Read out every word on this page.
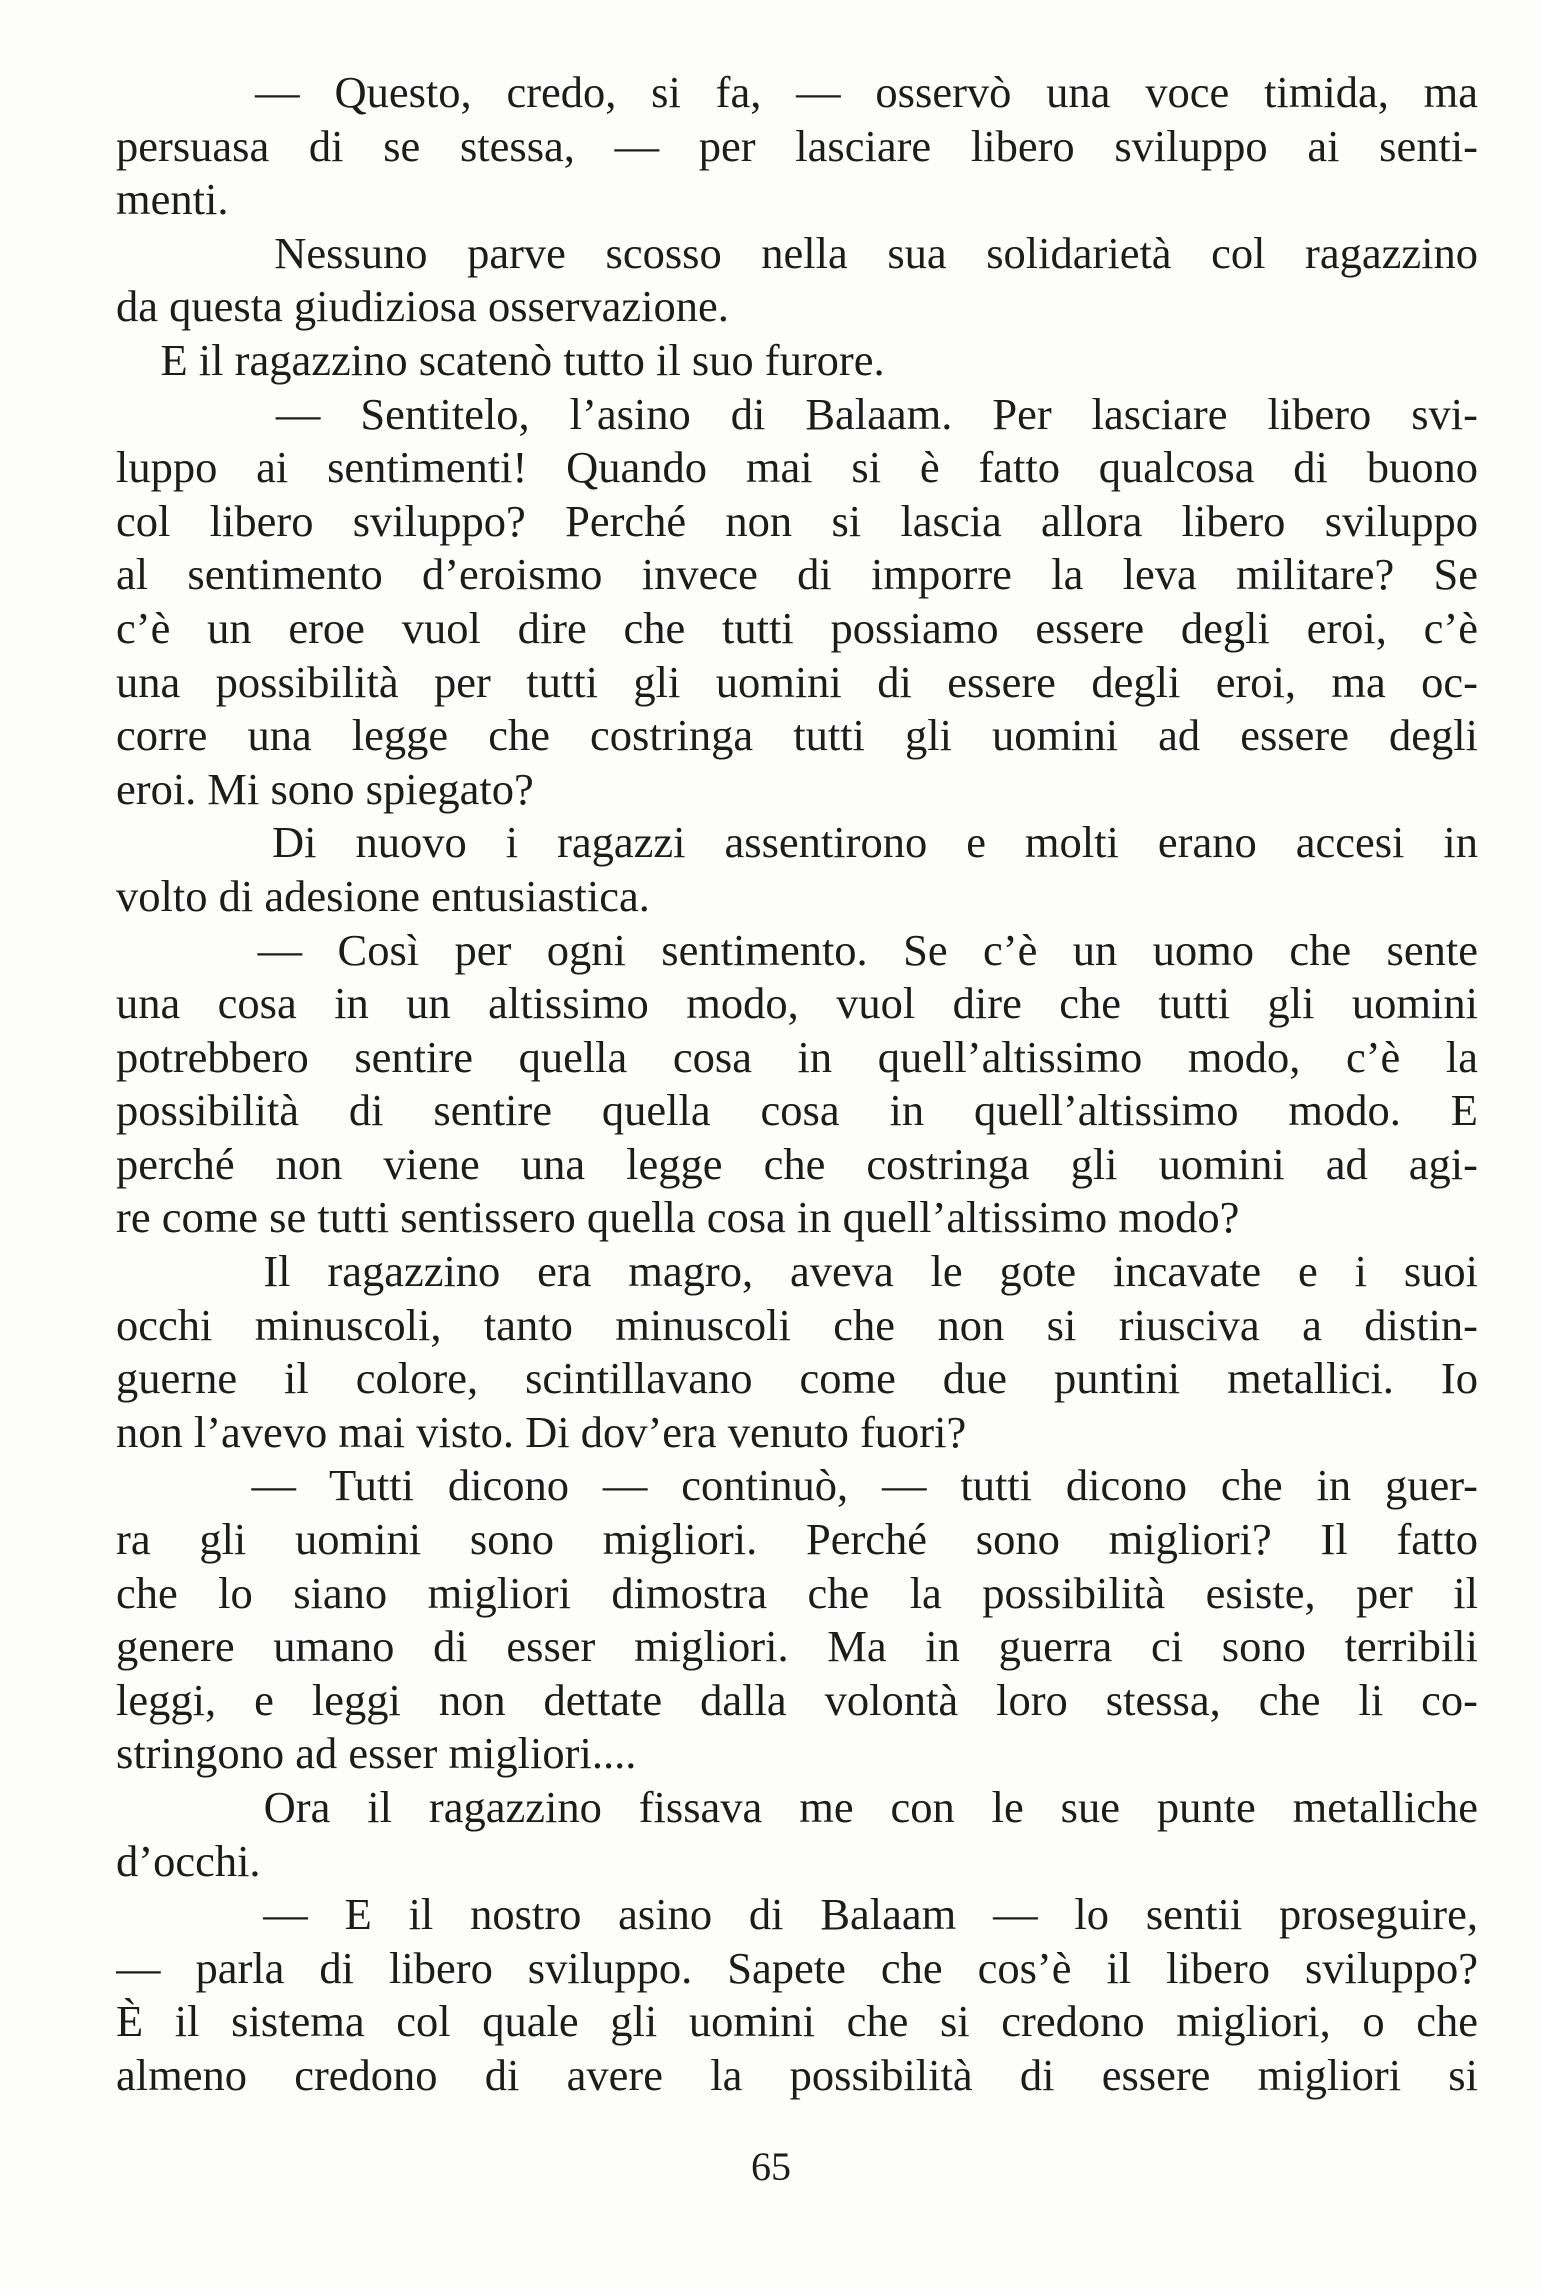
— Questo, credo, si fa, — osservò una voce timida, ma
persuasa di se stessa, — per lasciare libero sviluppo ai senti-
menti.
Nessuno parve scosso nella sua solidarietà col ragazzino
da questa giudiziosa osservazione.
E il ragazzino scatenò tutto il suo furore.
— Sentitelo, l’asino di Balaam. Per lasciare libero svi-
luppo ai sentimenti! Quando mai si è fatto qualcosa di buono
col libero sviluppo? Perché non si lascia allora libero sviluppo
al sentimento d’eroismo invece di imporre la leva militare? Se
c’è un eroe vuol dire che tutti possiamo essere degli eroi, c’è
una possibilità per tutti gli uomini di essere degli eroi, ma oc-
corre una legge che costringa tutti gli uomini ad essere degli
eroi. Mi sono spiegato?
Di nuovo i ragazzi assentirono e molti erano accesi in
volto di adesione entusiastica.
— Così per ogni sentimento. Se c’è un uomo che sente
una cosa in un altissimo modo, vuol dire che tutti gli uomini
potrebbero sentire quella cosa in quell’altissimo modo, c’è la
possibilità di sentire quella cosa in quell’altissimo modo. E
perché non viene una legge che costringa gli uomini ad agi-
re come se tutti sentissero quella cosa in quell’altissimo modo?
Il ragazzino era magro, aveva le gote incavate e i suoi
occhi minuscoli, tanto minuscoli che non si riusciva a distin-
guerne il colore, scintillavano come due puntini metallici. Io
non l’avevo mai visto. Di dov’era venuto fuori?
— Tutti dicono — continuò, — tutti dicono che in guer-
ra gli uomini sono migliori. Perché sono migliori? Il fatto
che lo siano migliori dimostra che la possibilità esiste, per il
genere umano di esser migliori. Ma in guerra ci sono terribili
leggi, e leggi non dettate dalla volontà loro stessa, che li co-
stringono ad esser migliori....
Ora il ragazzino fissava me con le sue punte metalliche
d’occhi.
— E il nostro asino di Balaam — lo sentii proseguire,
— parla di libero sviluppo. Sapete che cos’è il libero sviluppo?
È il sistema col quale gli uomini che si credono migliori, o che
almeno credono di avere la possibilità di essere migliori si
65
